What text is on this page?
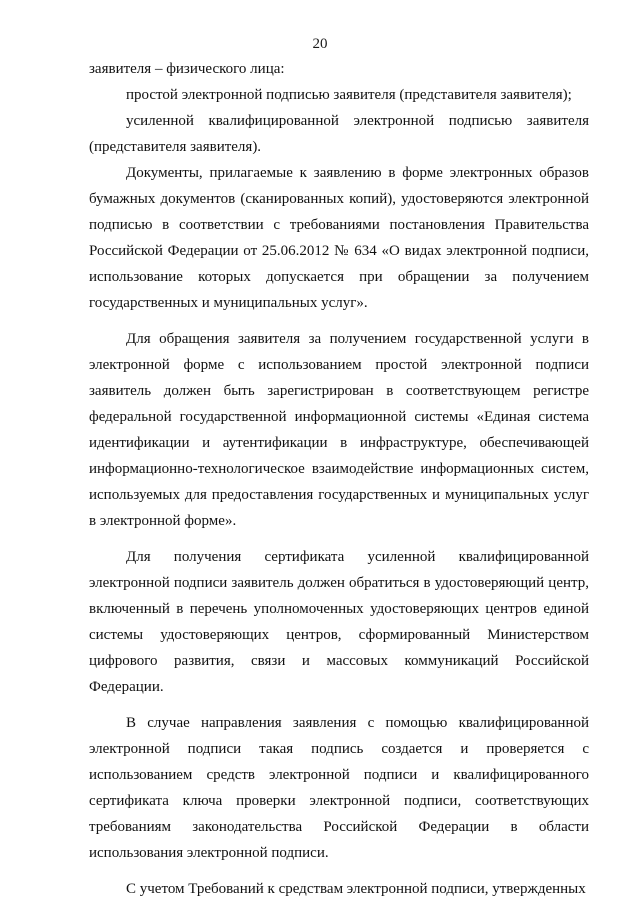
20

заявителя – физического лица:

простой электронной подписью заявителя (представителя заявителя);

усиленной квалифицированной электронной подписью заявителя (представителя заявителя).

Документы, прилагаемые к заявлению в форме электронных образов бумажных документов (сканированных копий), удостоверяются электронной подписью в соответствии с требованиями постановления Правительства Российской Федерации от 25.06.2012 № 634 «О видах электронной подписи, использование которых допускается при обращении за получением государственных и муниципальных услуг».

Для обращения заявителя за получением государственной услуги в электронной форме с использованием простой электронной подписи заявитель должен быть зарегистрирован в соответствующем регистре федеральной государственной информационной системы «Единая система идентификации и аутентификации в инфраструктуре, обеспечивающей информационно-технологическое взаимодействие информационных систем, используемых для предоставления государственных и муниципальных услуг в электронной форме».

Для получения сертификата усиленной квалифицированной электронной подписи заявитель должен обратиться в удостоверяющий центр, включенный в перечень уполномоченных удостоверяющих центров единой системы удостоверяющих центров, сформированный Министерством цифрового развития, связи и массовых коммуникаций Российской Федерации.

В случае направления заявления с помощью квалифицированной электронной подписи такая подпись создается и проверяется с использованием средств электронной подписи и квалифицированного сертификата ключа проверки электронной подписи, соответствующих требованиям законодательства Российской Федерации в области использования электронной подписи.

С учетом Требований к средствам электронной подписи, утвержденных
